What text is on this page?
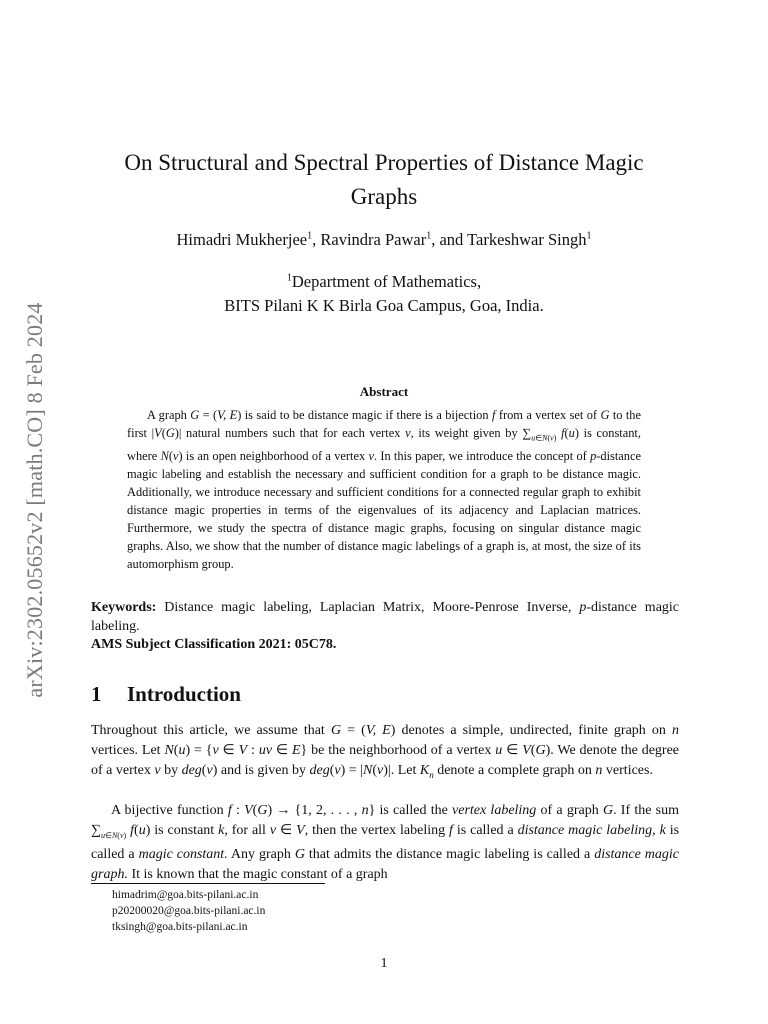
arXiv:2302.05652v2 [math.CO] 8 Feb 2024
On Structural and Spectral Properties of Distance Magic Graphs
Himadri Mukherjee$^1$, Ravindra Pawar$^1$, and Tarkeshwar Singh$^1$
$^1$Department of Mathematics,
BITS Pilani K K Birla Goa Campus, Goa, India.
Abstract
A graph G = (V, E) is said to be distance magic if there is a bijection f from a vertex set of G to the first |V(G)| natural numbers such that for each vertex v, its weight given by $\sum_{u\in N(v)}$ f(u) is constant, where N(v) is an open neighborhood of a vertex v. In this paper, we introduce the concept of p-distance magic labeling and establish the necessary and sufficient condition for a graph to be distance magic. Additionally, we introduce necessary and sufficient conditions for a connected regular graph to exhibit distance magic properties in terms of the eigenvalues of its adjacency and Laplacian matrices. Furthermore, we study the spectra of distance magic graphs, focusing on singular distance magic graphs. Also, we show that the number of distance magic labelings of a graph is, at most, the size of its automorphism group.
Keywords: Distance magic labeling, Laplacian Matrix, Moore-Penrose Inverse, p-distance magic labeling.
AMS Subject Classification 2021: 05C78.
1 Introduction
Throughout this article, we assume that G = (V, E) denotes a simple, undirected, finite graph on n vertices. Let N(u) = {v ∈ V : uv ∈ E} be the neighborhood of a vertex u ∈ V(G). We denote the degree of a vertex v by deg(v) and is given by deg(v) = |N(v)|. Let $K_n$ denote a complete graph on n vertices.
A bijective function f : V(G) → {1, 2, . . . , n} is called the vertex labeling of a graph G. If the sum $\sum_{u\in N(v)}$ f(u) is constant k, for all v ∈ V, then the vertex labeling f is called a distance magic labeling, k is called a magic constant. Any graph G that admits the distance magic labeling is called a distance magic graph. It is known that the magic constant of a graph
himadrim@goa.bits-pilani.ac.in
p20200020@goa.bits-pilani.ac.in
tksingh@goa.bits-pilani.ac.in
1
